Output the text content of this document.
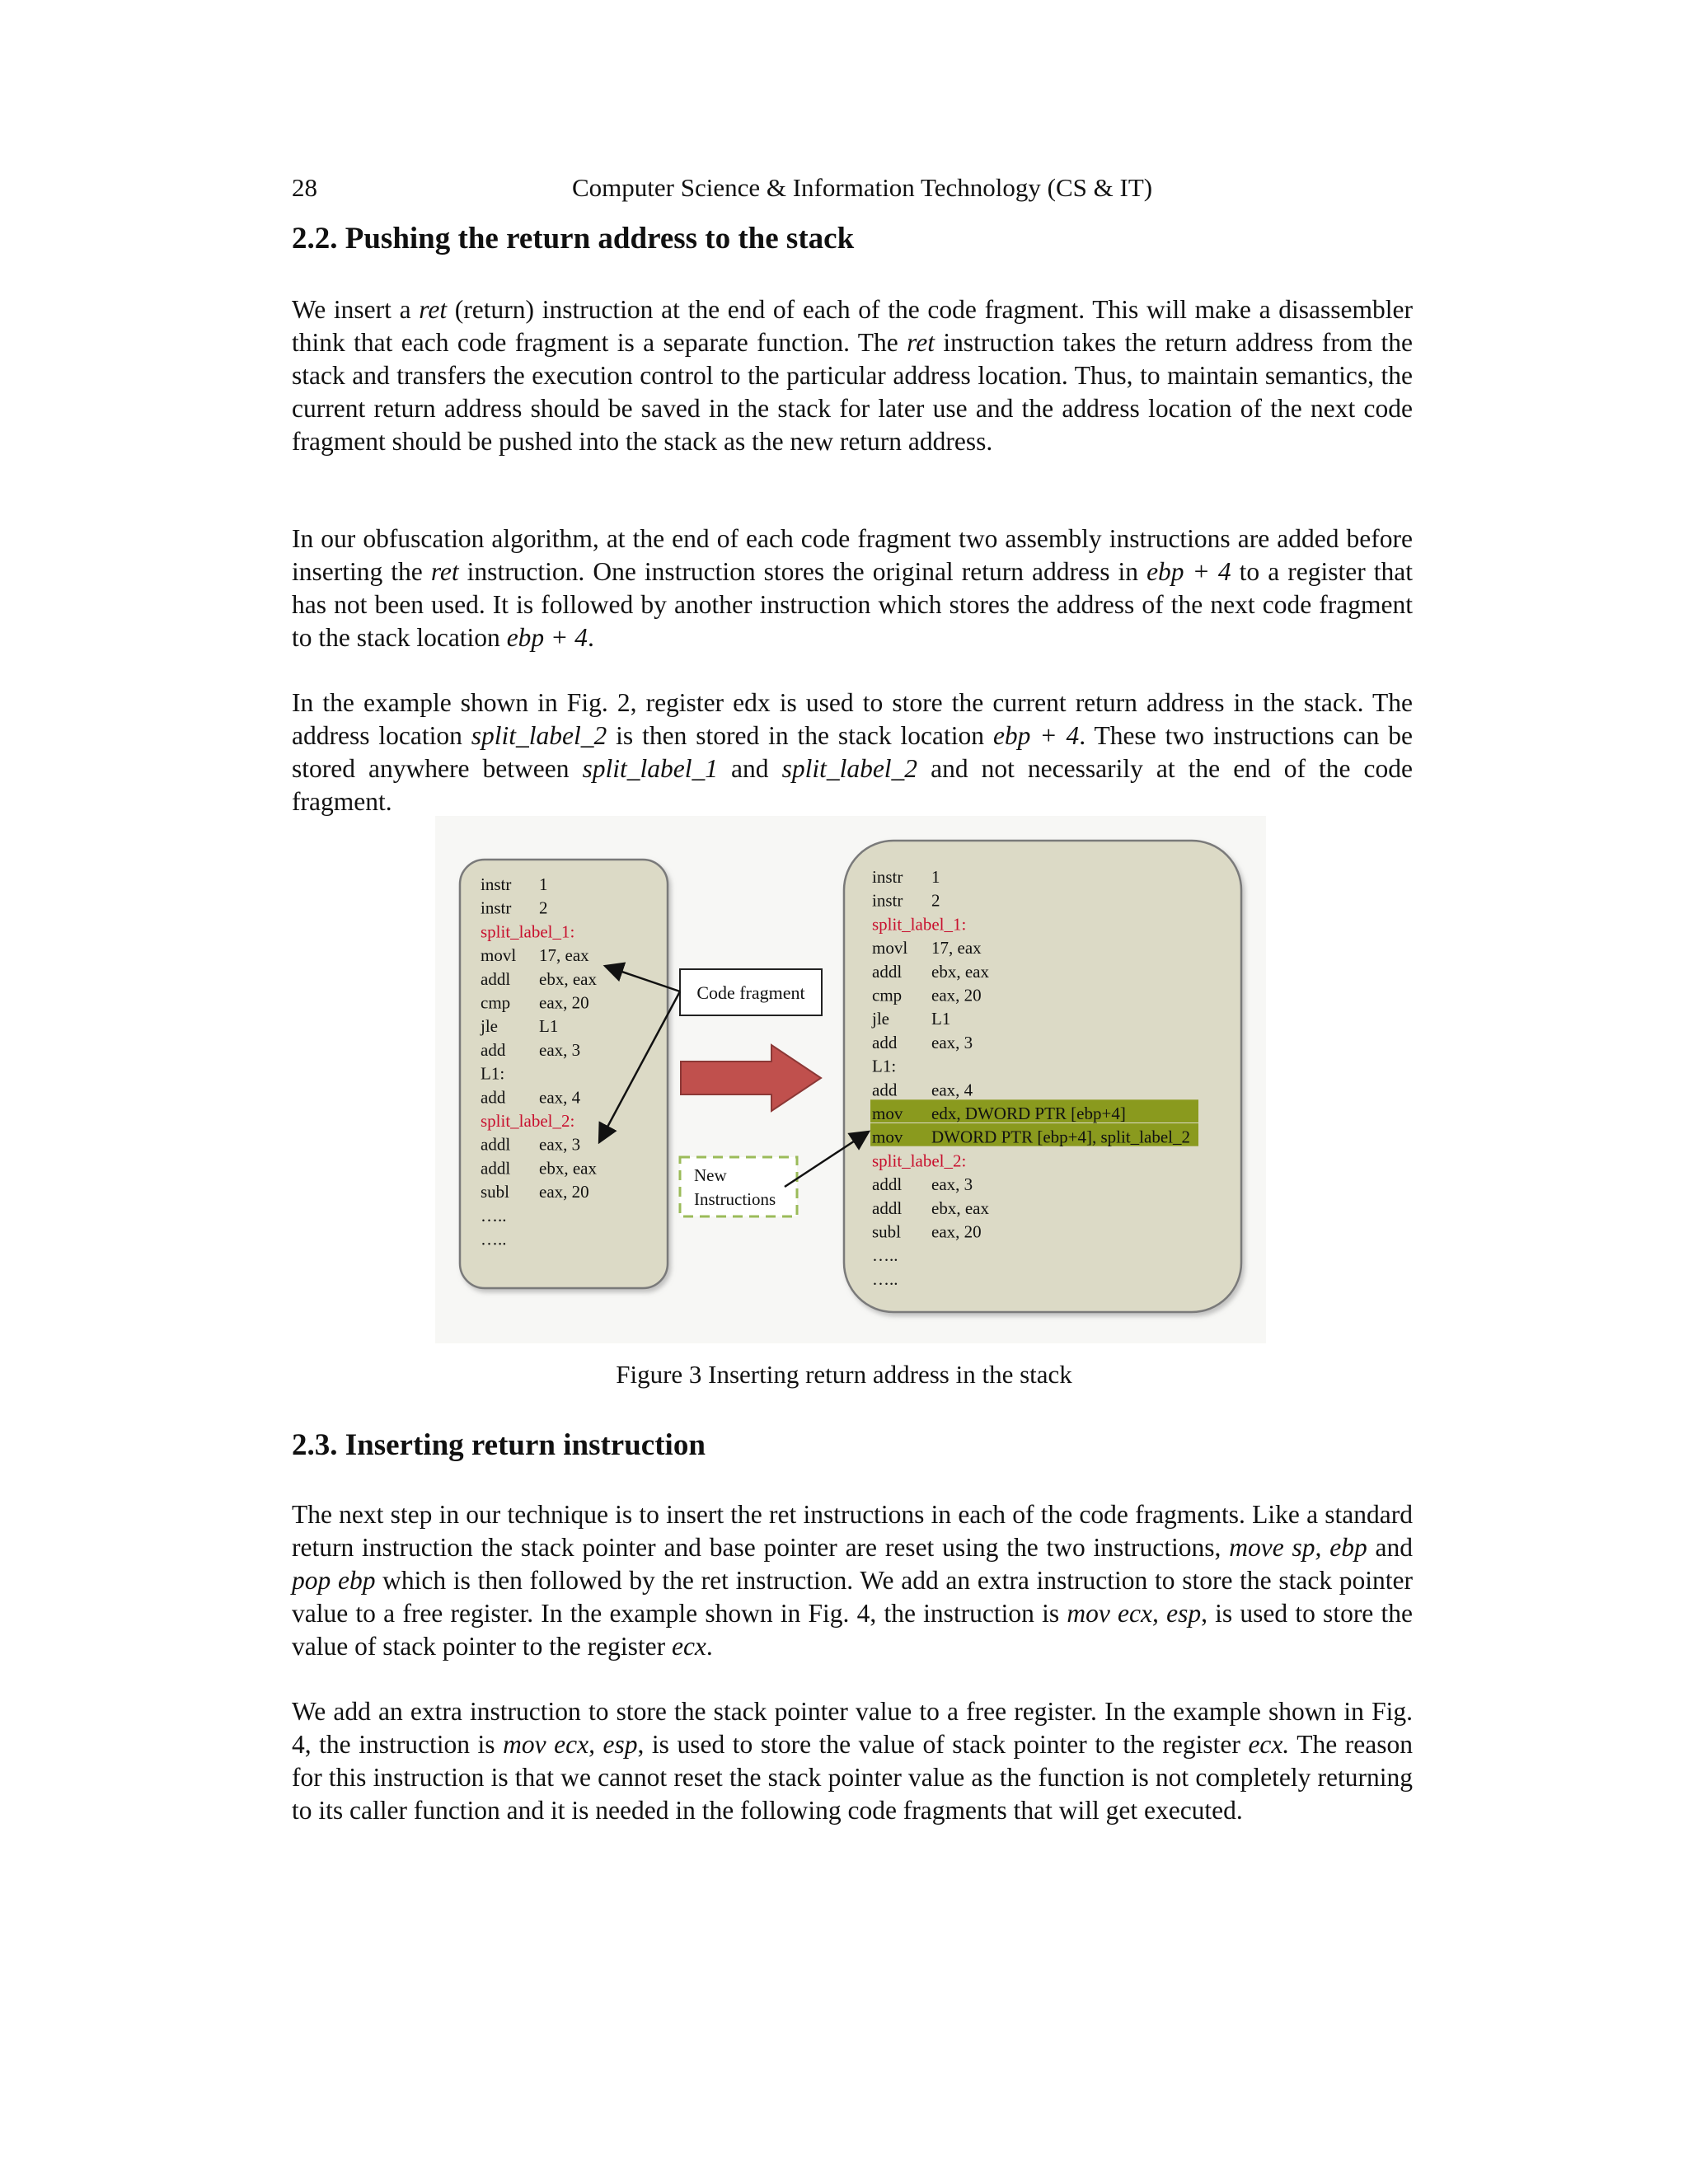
28	Computer Science & Information Technology (CS & IT)
2.2. Pushing the return address to the stack
We insert a ret (return) instruction at the end of each of the code fragment. This will make a disassembler think that each code fragment is a separate function. The ret instruction takes the return address from the stack and transfers the execution control to the particular address location. Thus, to maintain semantics, the current return address should be saved in the stack for later use and the address location of the next code fragment should be pushed into the stack as the new return address.
In our obfuscation algorithm, at the end of each code fragment two assembly instructions are added before inserting the ret instruction. One instruction stores the original return address in ebp + 4 to a register that has not been used. It is followed by another instruction which stores the address of the next code fragment to the stack location ebp + 4.
In the example shown in Fig. 2, register edx is used to store the current return address in the stack. The address location split_label_2 is then stored in the stack location ebp + 4. These two instructions can be stored anywhere between split_label_1 and split_label_2 and not necessarily at the end of the code fragment.
instr 1
instr 2
split_label_1:
movl 17, eax
addl ebx, eax
cmp eax, 20
jle L1
add eax, 3
L1:
add eax, 4
split_label_2:
addl eax, 3
addl ebx, eax
subl eax, 20
…..
…..
instr 1
instr 2
split_label_1:
movl 17, eax
addl ebx, eax
cmp eax, 20
jle L1
add eax, 3
L1:
add eax, 4
mov edx, DWORD PTR [ebp+4]
mov DWORD PTR [ebp+4], split_label_2
split_label_2:
addl eax, 3
addl ebx, eax
subl eax, 20
…..
…..
Code fragment
New
Instructions
Figure 3 Inserting return address in the stack
2.3. Inserting return instruction
The next step in our technique is to insert the ret instructions in each of the code fragments. Like a standard return instruction the stack pointer and base pointer are reset using the two instructions, move sp, ebp and pop ebp which is then followed by the ret instruction. We add an extra instruction to store the stack pointer value to a free register. In the example shown in Fig. 4, the instruction is mov ecx, esp, is used to store the value of stack pointer to the register ecx.
We add an extra instruction to store the stack pointer value to a free register. In the example shown in Fig. 4, the instruction is mov ecx, esp, is used to store the value of stack pointer to the register ecx. The reason for this instruction is that we cannot reset the stack pointer value as the function is not completely returning to its caller function and it is needed in the following code fragments that will get executed.
